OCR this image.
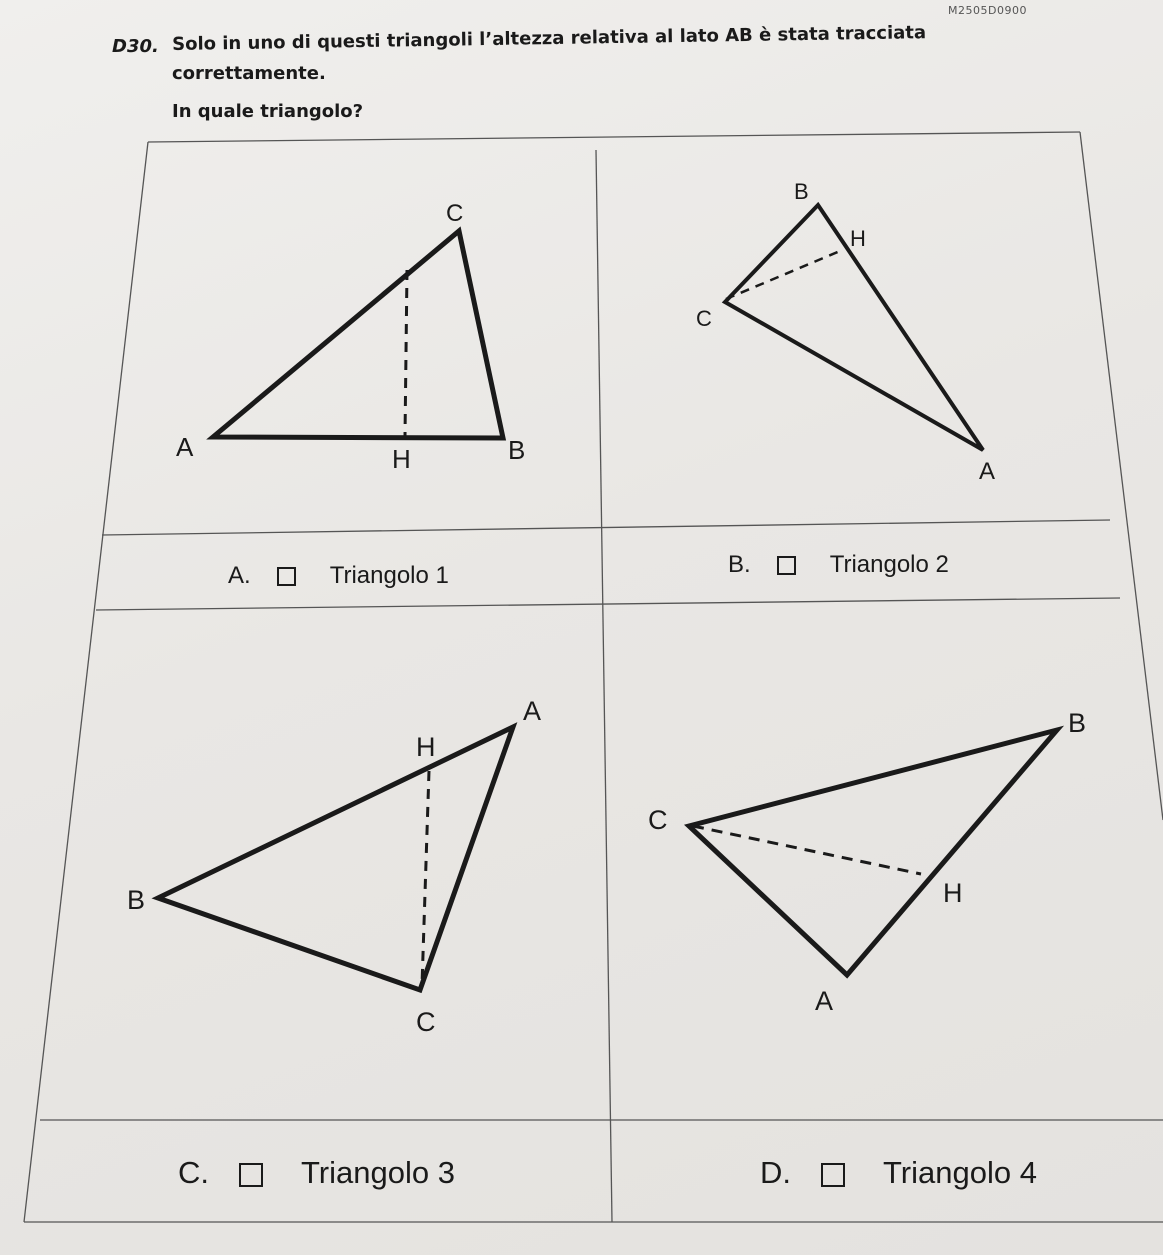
M2505D0900
D30. Solo in uno di questi triangoli l’altezza relativa al lato AB è stata tracciata
correttamente.
In quale triangolo?
A	B
C
H
B
H
C
A
A
H
B
C
B
C
H
A
A.	Triangolo 1	B.	Triangolo 2
C.	Triangolo 3	D.	Triangolo 4
